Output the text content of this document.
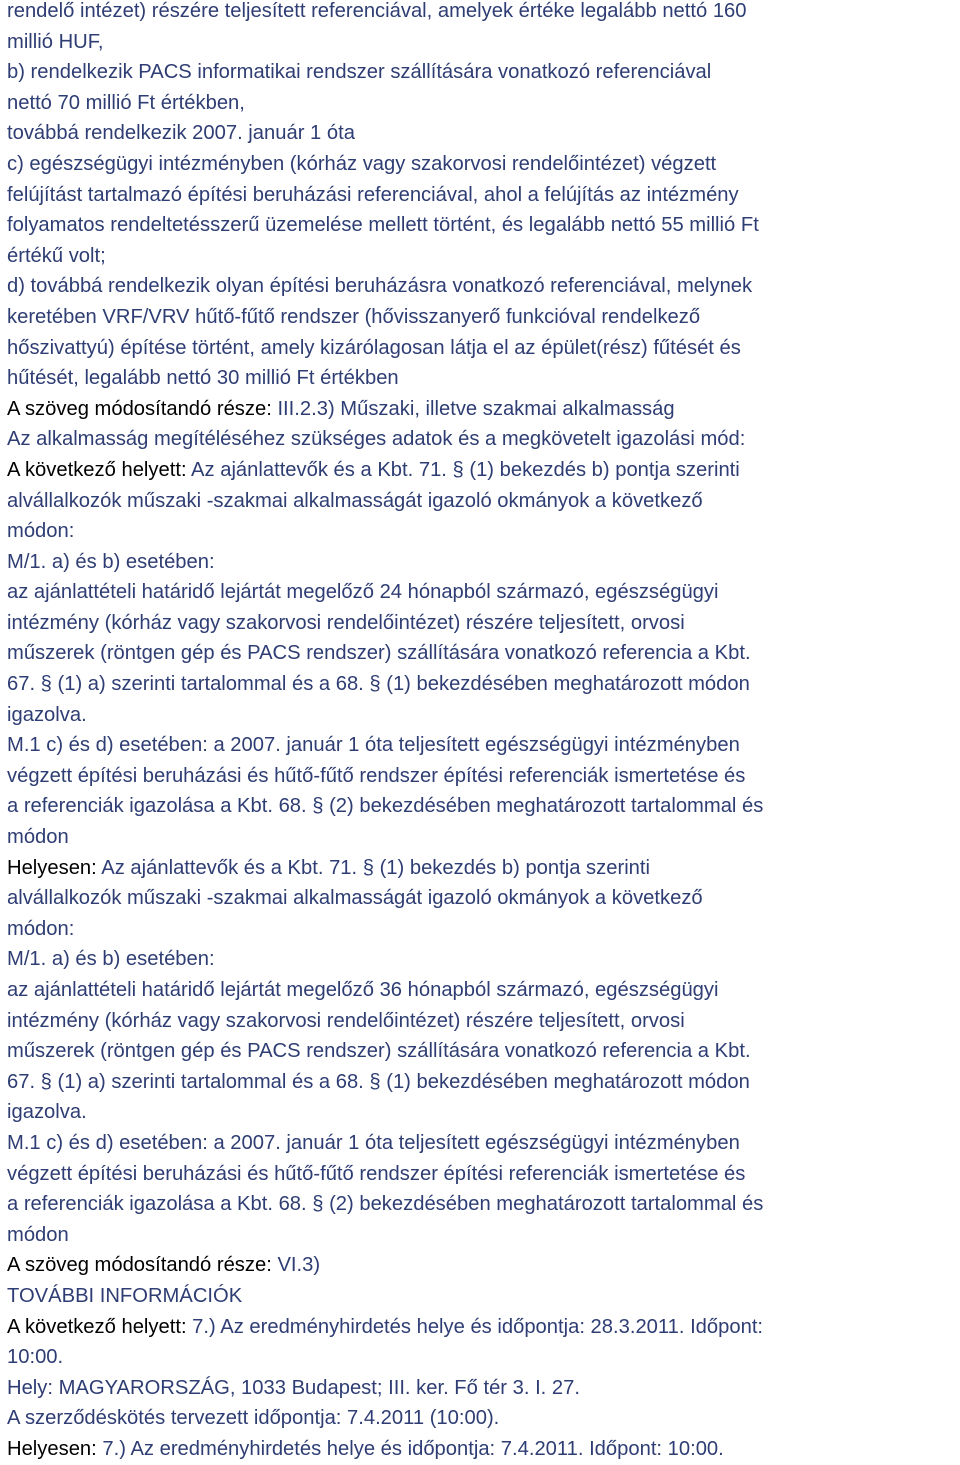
rendelő intézet) részére teljesített referenciával, amelyek értéke legalább nettó 160
millió HUF,
b) rendelkezik PACS informatikai rendszer szállítására vonatkozó referenciával
nettó 70 millió Ft értékben,
továbbá rendelkezik 2007. január 1 óta
c) egészségügyi intézményben (kórház vagy szakorvosi rendelőintézet) végzett
felújítást tartalmazó építési beruházási referenciával, ahol a felújítás az intézmény
folyamatos rendeltetésszerű üzemelése mellett történt, és legalább nettó 55 millió Ft
értékű volt;
d) továbbá rendelkezik olyan építési beruházásra vonatkozó referenciával, melynek
keretében VRF/VRV hűtő-fűtő rendszer (hővisszanyerő funkcióval rendelkező
hőszivattyú) építése történt, amely kizárólagosan látja el az épület(rész) fűtését és
hűtését, legalább nettó 30 millió Ft értékben
A szöveg módosítandó része: III.2.3) Műszaki, illetve szakmai alkalmasság
Az alkalmasság megítéléséhez szükséges adatok és a megkövetelt igazolási mód:
A következő helyett: Az ajánlattevők és a Kbt. 71. § (1) bekezdés b) pontja szerinti
alvállalkozók műszaki -szakmai alkalmasságát igazoló okmányok a következő
módon:
M/1. a) és b) esetében:
az ajánlattételi határidő lejártát megelőző 24 hónapból származó, egészségügyi
intézmény (kórház vagy szakorvosi rendelőintézet) részére teljesített, orvosi
műszerek (röntgen gép és PACS rendszer) szállítására vonatkozó referencia a Kbt.
67. § (1) a) szerinti tartalommal és a 68. § (1) bekezdésében meghatározott módon
igazolva.
M.1 c) és d) esetében: a 2007. január 1 óta teljesített egészségügyi intézményben
végzett építési beruházási és hűtő-fűtő rendszer építési referenciák ismertetése és
a referenciák igazolása a Kbt. 68. § (2) bekezdésében meghatározott tartalommal és
módon
Helyesen: Az ajánlattevők és a Kbt. 71. § (1) bekezdés b) pontja szerinti
alvállalkozók műszaki -szakmai alkalmasságát igazoló okmányok a következő
módon:
M/1. a) és b) esetében:
az ajánlattételi határidő lejártát megelőző 36 hónapból származó, egészségügyi
intézmény (kórház vagy szakorvosi rendelőintézet) részére teljesített, orvosi
műszerek (röntgen gép és PACS rendszer) szállítására vonatkozó referencia a Kbt.
67. § (1) a) szerinti tartalommal és a 68. § (1) bekezdésében meghatározott módon
igazolva.
M.1 c) és d) esetében: a 2007. január 1 óta teljesített egészségügyi intézményben
végzett építési beruházási és hűtő-fűtő rendszer építési referenciák ismertetése és
a referenciák igazolása a Kbt. 68. § (2) bekezdésében meghatározott tartalommal és
módon
A szöveg módosítandó része: VI.3)
TOVÁBBI INFORMÁCIÓK
A következő helyett: 7.) Az eredményhirdetés helye és időpontja: 28.3.2011. Időpont:
10:00.
Hely: MAGYARORSZÁG, 1033 Budapest; III. ker. Fő tér 3. I. 27.
A szerződéskötés tervezett időpontja: 7.4.2011 (10:00).
Helyesen: 7.) Az eredményhirdetés helye és időpontja: 7.4.2011. Időpont: 10:00.
